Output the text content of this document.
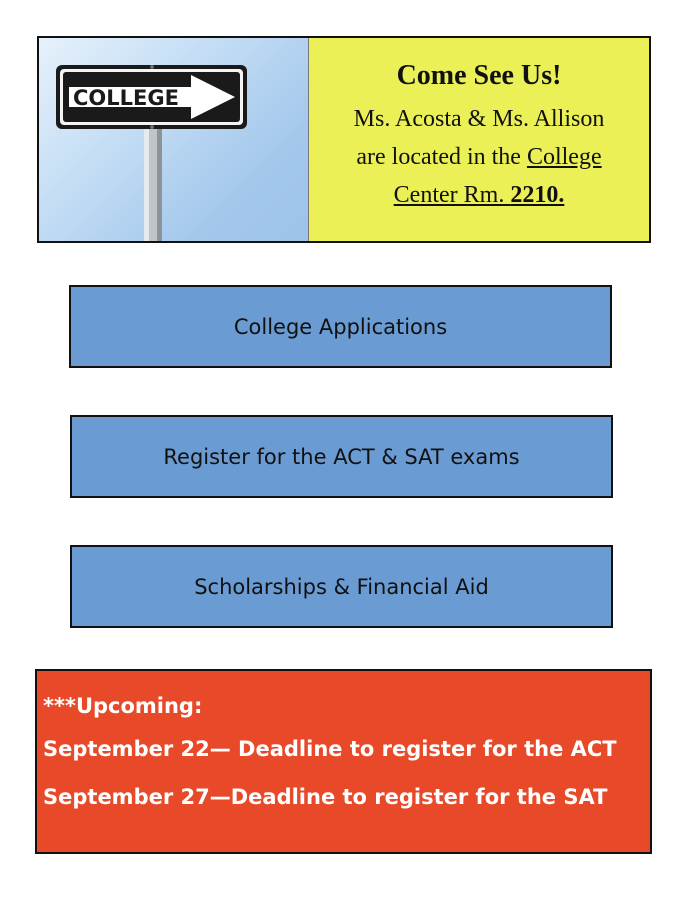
COLLEGE
Come See Us!
Ms. Acosta & Ms. Allison
are located in the College
Center Rm. 2210.
College Applications
Register for the ACT & SAT exams
Scholarships & Financial Aid
***Upcoming:
September 22— Deadline to register for the ACT
September 27—Deadline to register for the SAT
